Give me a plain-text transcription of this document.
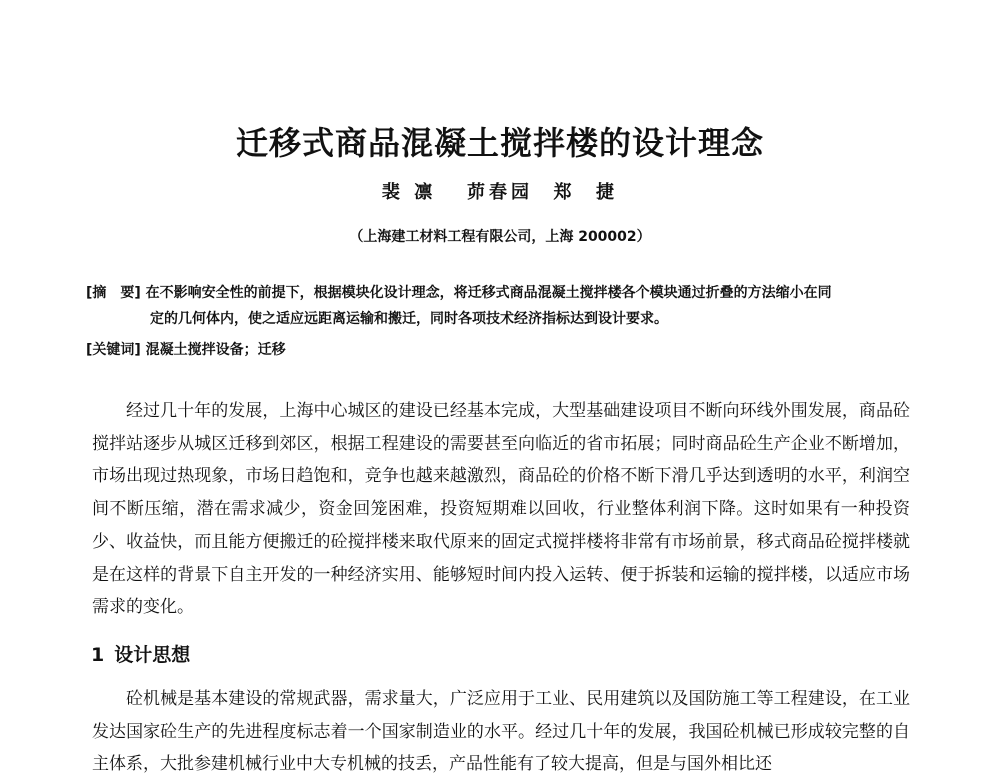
迁移式商品混凝土搅拌楼的设计理念
裴 凛   茆春园  郑  捷
（上海建工材料工程有限公司，上海 200002）
[摘　要] 在不影响安全性的前提下，根据模块化设计理念，将迁移式商品混凝土搅拌楼各个模块通过折叠的方法缩小在同
定的几何体内，使之适应远距离运输和搬迁，同时各项技术经济指标达到设计要求。
[关键词] 混凝土搅拌设备；迁移

经过几十年的发展，上海中心城区的建设已经基本完成，大型基础建设项目不断向环线外围发展，商品砼搅拌站逐步从城区迁移到郊区，根据工程建设的需要甚至向临近的省市拓展；同时商品砼生产企业不断增加，市场出现过热现象，市场日趋饱和，竞争也越来越激烈，商品砼的价格不断下滑几乎达到透明的水平，利润空间不断压缩，潜在需求减少，资金回笼困难，投资短期难以回收，行业整体利润下降。这时如果有一种投资少、收益快，而且能方便搬迁的砼搅拌楼来取代原来的固定式搅拌楼将非常有市场前景，移式商品砼搅拌楼就是在这样的背景下自主开发的一种经济实用、能够短时间内投入运转、便于拆装和运输的搅拌楼，以适应市场需求的变化。

1 设计思想

砼机械是基本建设的常规武器，需求量大，广泛应用于工业、民用建筑以及国防施工等工程建设，在工业发达国家砼生产的先进程度标志着一个国家制造业的水平。经过几十年的发展，我国砼机械已形成较完整的自主体系，大批参建机械行业中大专机械的技丢，产品性能有了较大提高，但是与国外相比还
